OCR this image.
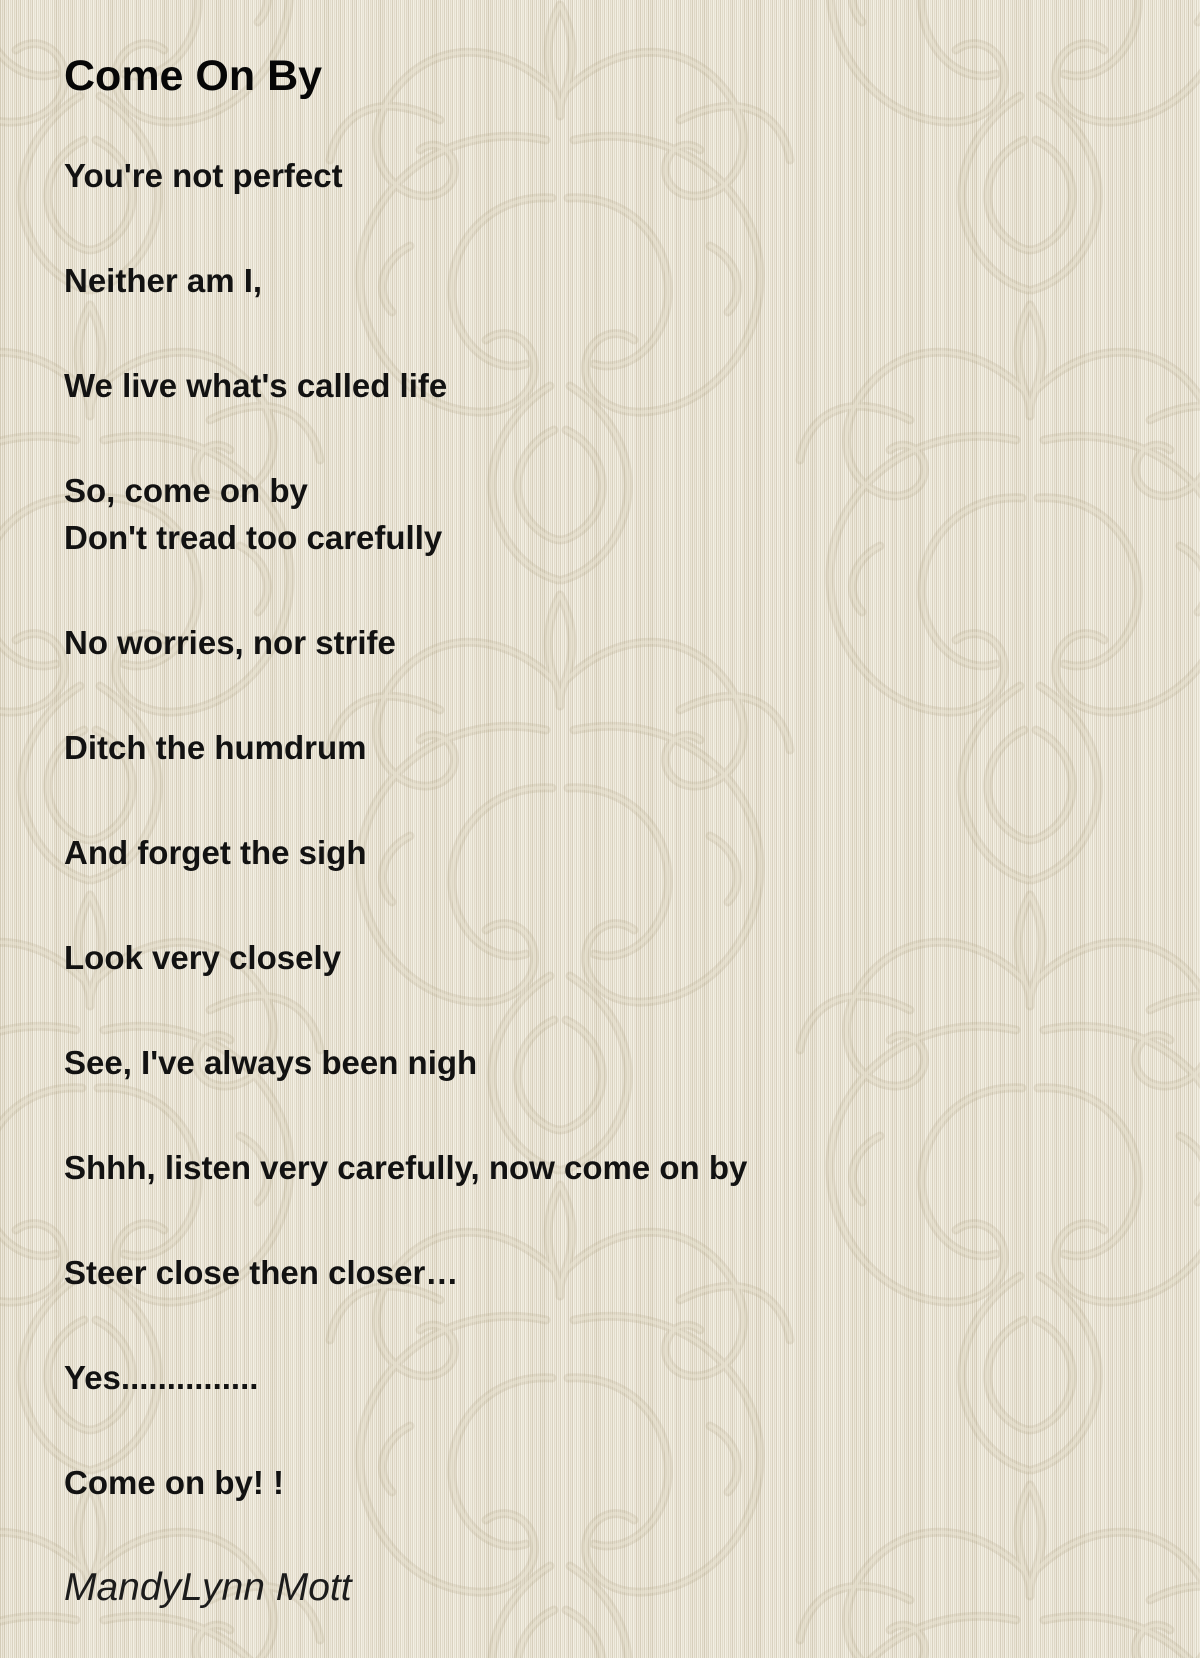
Come On By

You're not perfect

Neither am I,

We live what's called life

So, come on by
Don't tread too carefully

No worries, nor strife

Ditch the humdrum

And forget the sigh

Look very closely

See, I've always been nigh

Shhh, listen very carefully, now come on by

Steer close then closer…

Yes...............

Come on by! !

MandyLynn Mott
